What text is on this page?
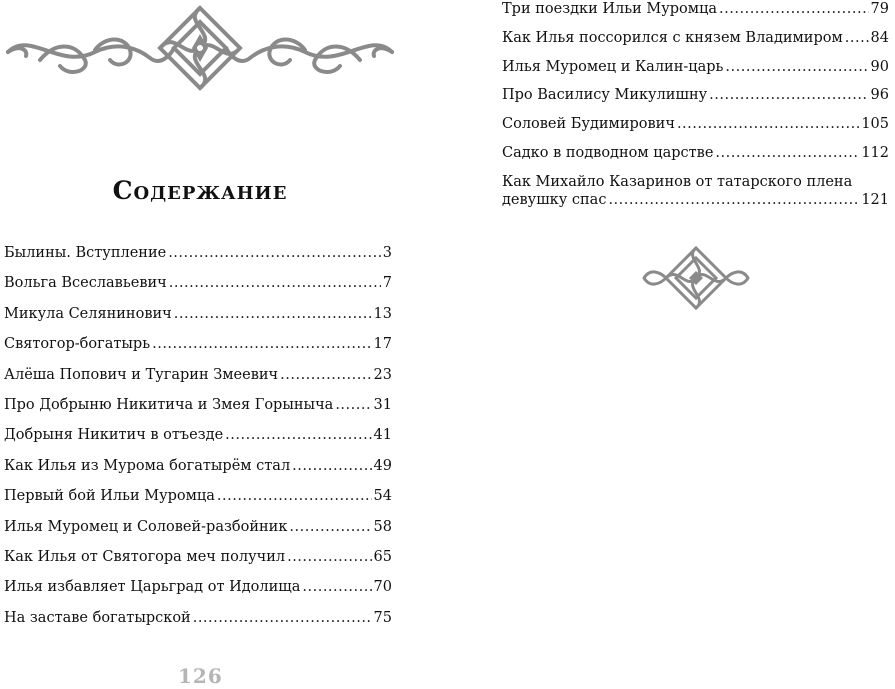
Содержание
Былины. Вступление .....	3
Вольга Всеславьевич .....	7
Микула Селянинович .....	13
Святогор-богатырь .....	17
Алёша Попович и Тугарин Змеевич .....	23
Про Добрыню Никитича и Змея Горыныча .....	31
Добрыня Никитич в отъезде .....	41
Как Илья из Мурома богатырём стал .....	49
Первый бой Ильи Муромца .....	54
Илья Муромец и Соловей-разбойник .....	58
Как Илья от Святогора меч получил .....	65
Илья избавляет Царьград от Идолища .....	70
На заставе богатырской .....	75
Три поездки Ильи Муромца .....	79
Как Илья поссорился с князем Владимиром ..... 84
Илья Муромец и Калин-царь .....	90
Про Василису Микулишну .....	96
Соловей Будимирович .....	105
Садко в подводном царстве .....	112
Как Михайло Казаринов от татарского плена
девушку спас .....	121
126
